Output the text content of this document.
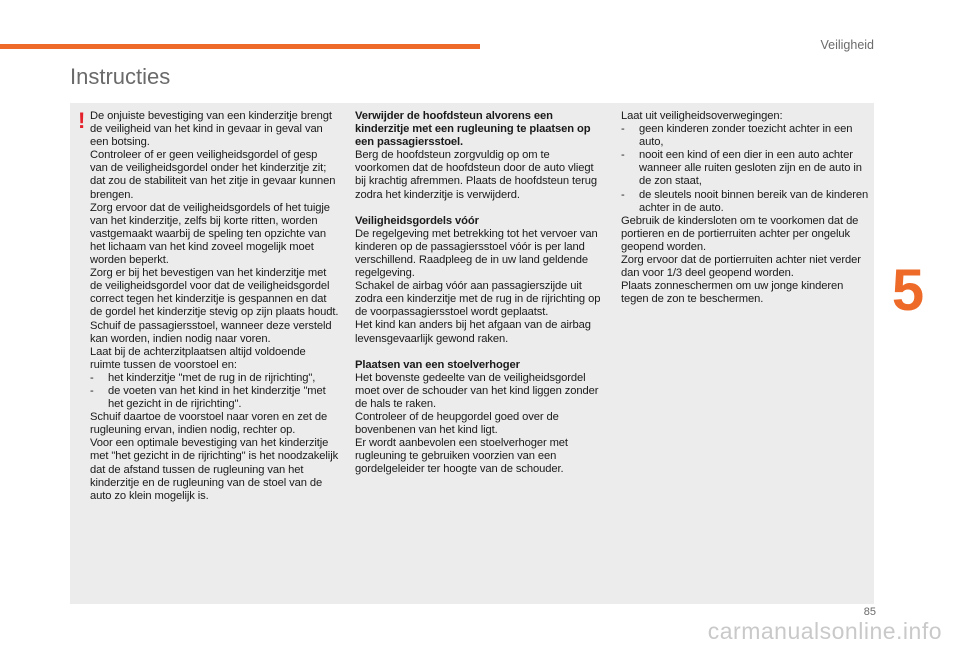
Veiligheid
Instructies
! De onjuiste bevestiging van een kinderzitje brengt
de veiligheid van het kind in gevaar in geval van
een botsing.
Controleer of er geen veiligheidsgordel of gesp
van de veiligheidsgordel onder het kinderzitje zit;
dat zou de stabiliteit van het zitje in gevaar kunnen
brengen.
Zorg ervoor dat de veiligheidsgordels of het tuigje
van het kinderzitje, zelfs bij korte ritten, worden
vastgemaakt waarbij de speling ten opzichte van
het lichaam van het kind zoveel mogelijk moet
worden beperkt.
Zorg er bij het bevestigen van het kinderzitje met
de veiligheidsgordel voor dat de veiligheidsgordel
correct tegen het kinderzitje is gespannen en dat
de gordel het kinderzitje stevig op zijn plaats houdt.
Schuif de passagiersstoel, wanneer deze versteld
kan worden, indien nodig naar voren.
Laat bij de achterzitplaatsen altijd voldoende
ruimte tussen de voorstoel en:
-	het kinderzitje "met de rug in de rijrichting",
-	de voeten van het kind in het kinderzitje "met
het gezicht in de rijrichting".
Schuif daartoe de voorstoel naar voren en zet de
rugleuning ervan, indien nodig, rechter op.
Voor een optimale bevestiging van het kinderzitje
met "het gezicht in de rijrichting" is het noodzakelijk
dat de afstand tussen de rugleuning van het
kinderzitje en de rugleuning van de stoel van de
auto zo klein mogelijk is.
Verwijder de hoofdsteun alvorens een
kinderzitje met een rugleuning te plaatsen op
een passagiersstoel.
Berg de hoofdsteun zorgvuldig op om te
voorkomen dat de hoofdsteun door de auto vliegt
bij krachtig afremmen. Plaats de hoofdsteun terug
zodra het kinderzitje is verwijderd.
Veiligheidsgordels vóór
De regelgeving met betrekking tot het vervoer van
kinderen op de passagiersstoel vóór is per land
verschillend. Raadpleeg de in uw land geldende
regelgeving.
Schakel de airbag vóór aan passagierszijde uit
zodra een kinderzitje met de rug in de rijrichting op
de voorpassagiersstoel wordt geplaatst.
Het kind kan anders bij het afgaan van de airbag
levensgevaarlijk gewond raken.
Plaatsen van een stoelverhoger
Het bovenste gedeelte van de veiligheidsgordel
moet over de schouder van het kind liggen zonder
de hals te raken.
Controleer of de heupgordel goed over de
bovenbenen van het kind ligt.
Er wordt aanbevolen een stoelverhoger met
rugleuning te gebruiken voorzien van een
gordelgeleider ter hoogte van de schouder.
Laat uit veiligheidsoverwegingen:
-	geen kinderen zonder toezicht achter in een
auto,
-	nooit een kind of een dier in een auto achter
wanneer alle ruiten gesloten zijn en de auto in
de zon staat,
-	de sleutels nooit binnen bereik van de kinderen
achter in de auto.
Gebruik de kindersloten om te voorkomen dat de
portieren en de portierruiten achter per ongeluk
geopend worden.
Zorg ervoor dat de portierruiten achter niet verder
dan voor 1/3 deel geopend worden.
Plaats zonneschermen om uw jonge kinderen
tegen de zon te beschermen.	5
85
carmanualsonline.info
